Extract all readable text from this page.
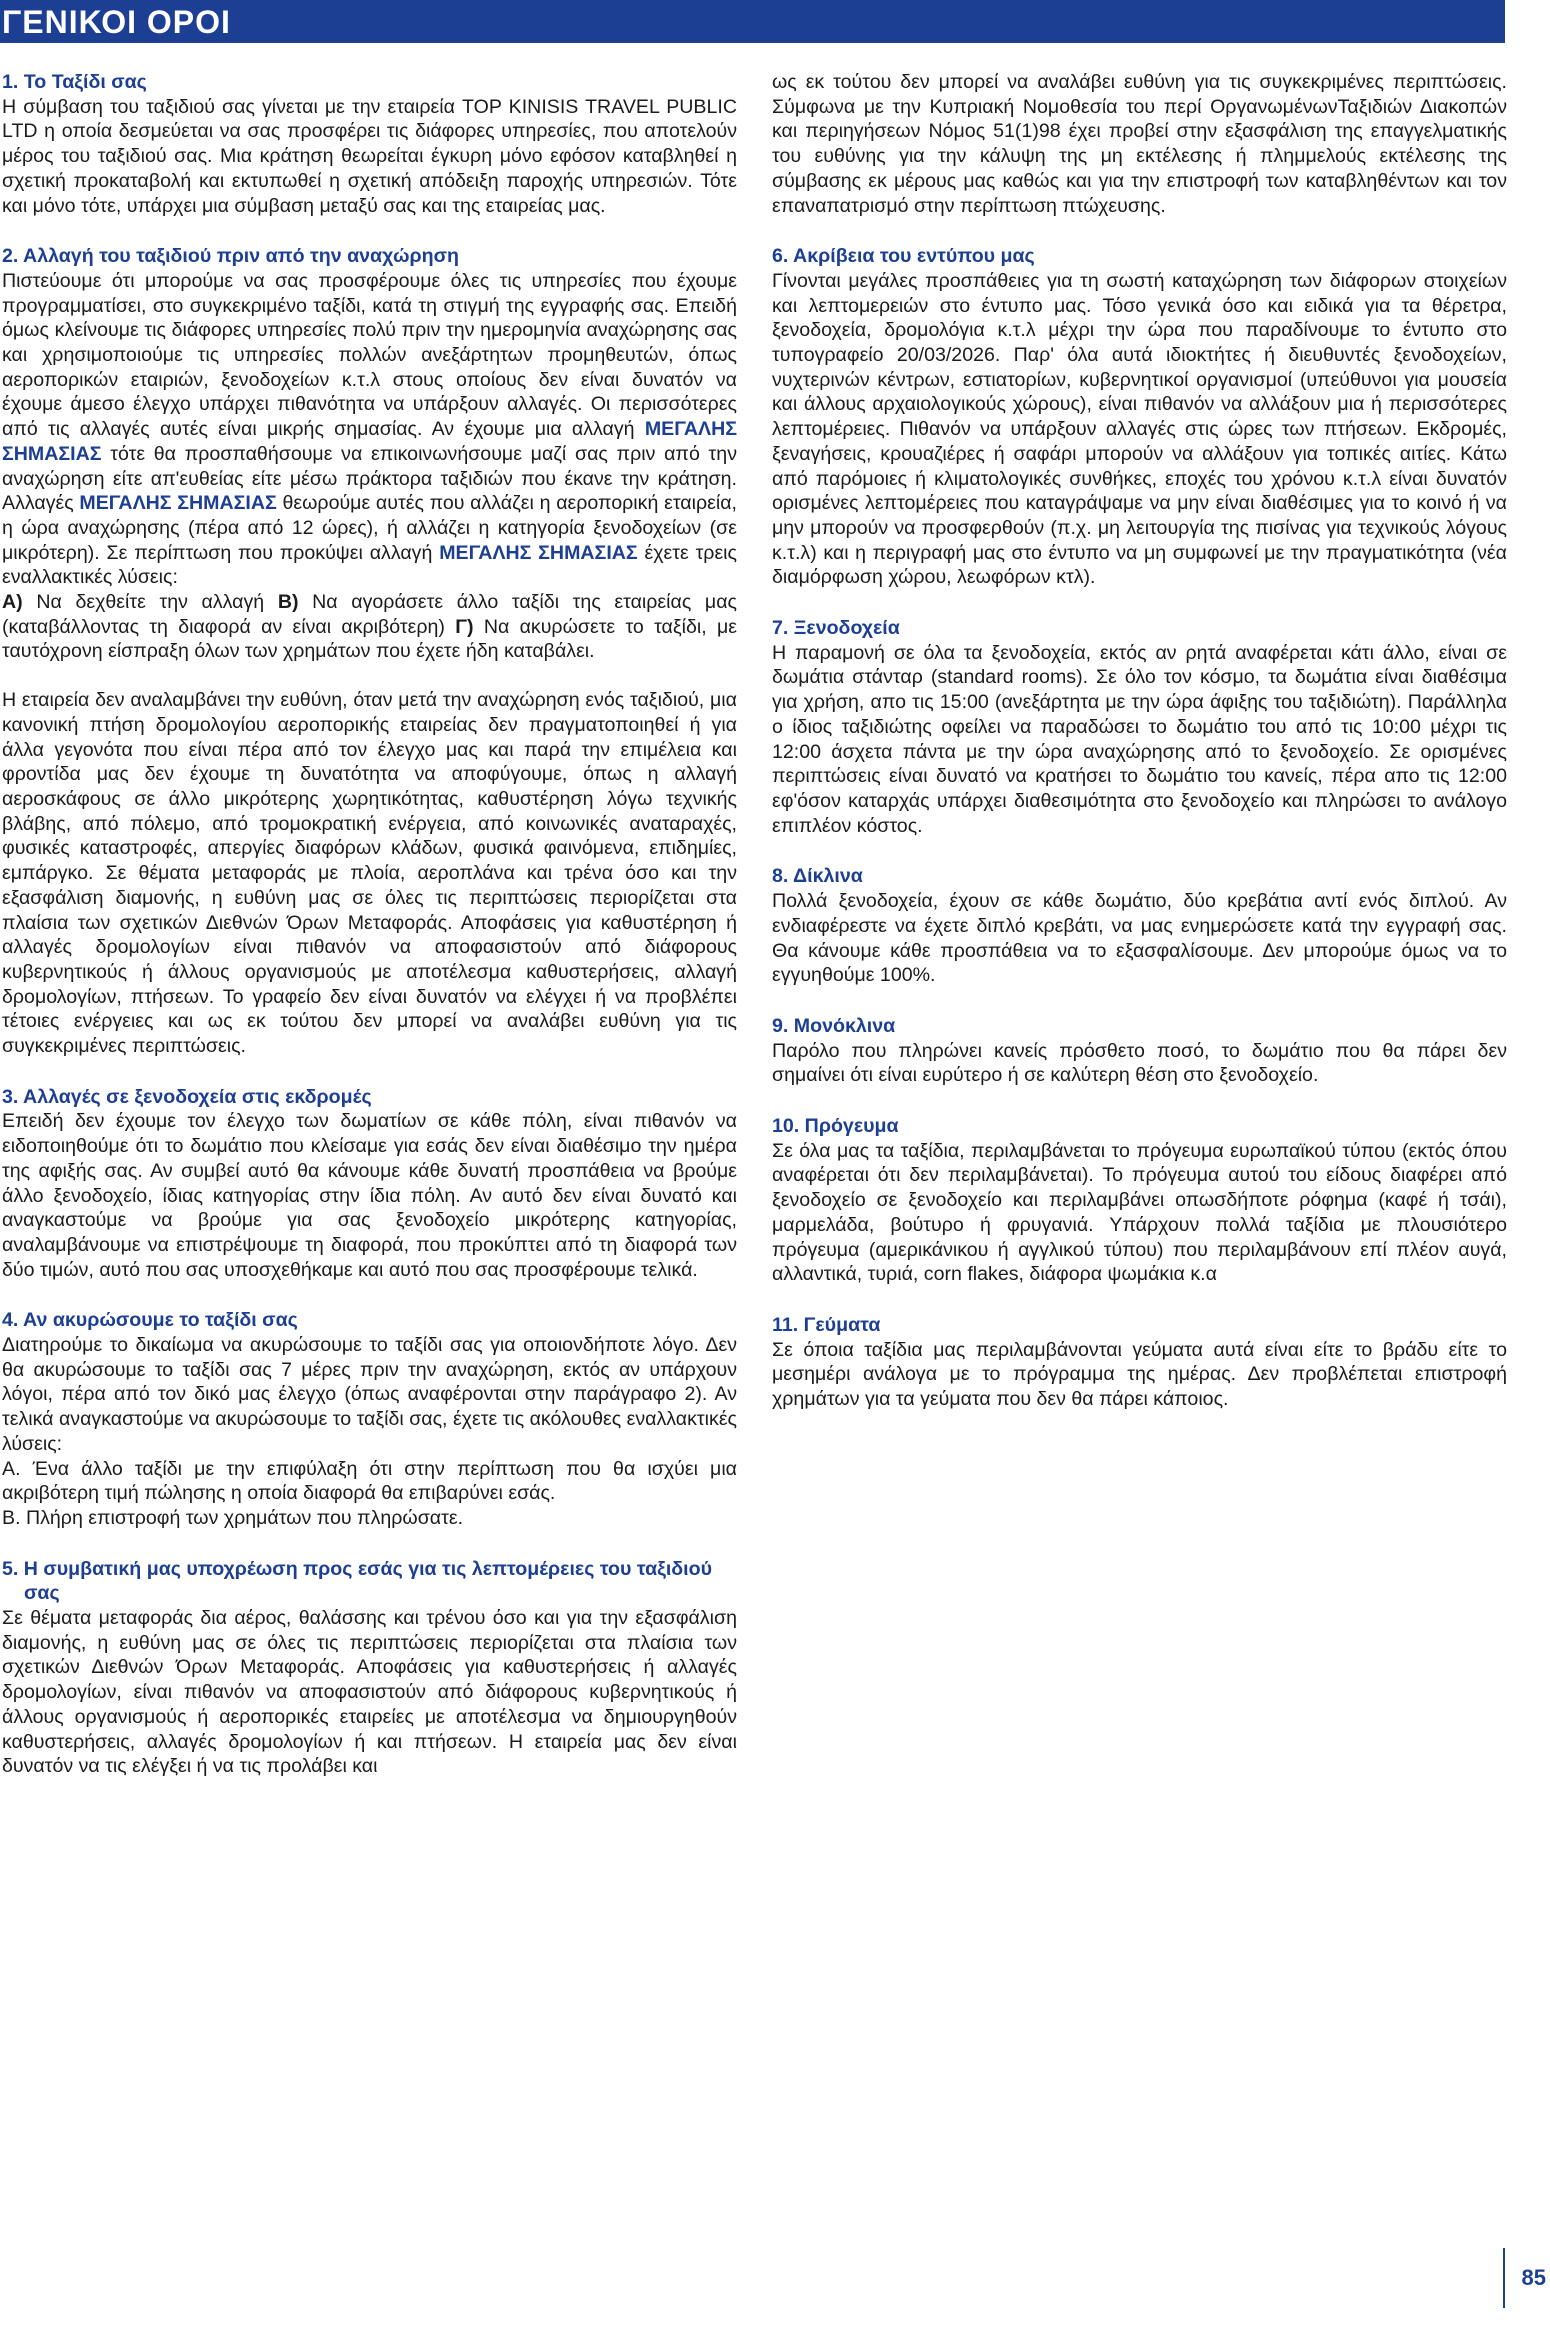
ΓΕΝΙΚΟΙ ΟΡΟΙ
1. Το Ταξίδι σας

Η σύμβαση του ταξιδιού σας γίνεται με την εταιρεία TOP KINISIS TRAVEL PUBLIC LTD η οποία δεσμεύεται να σας προσφέρει τις διάφορες υπηρεσίες, που αποτελούν μέρος του ταξιδιού σας. Μια κράτηση θεωρείται έγκυρη μόνο εφόσον καταβληθεί η σχετική προκαταβολή και εκτυπωθεί η σχετική απόδειξη παροχής υπηρεσιών. Τότε και μόνο τότε, υπάρχει μια σύμβαση μεταξύ σας και της εταιρείας μας.

2. Αλλαγή του ταξιδιού πριν από την αναχώρηση

Πιστεύουμε ότι μπορούμε να σας προσφέρουμε όλες τις υπηρεσίες που έχουμε προγραμματίσει, στο συγκεκριμένο ταξίδι, κατά τη στιγμή της εγγραφής σας. Επειδή όμως κλείνουμε τις διάφορες υπηρεσίες πολύ πριν την ημερομηνία αναχώρησης σας και χρησιμοποιούμε τις υπηρεσίες πολλών ανεξάρτητων προμηθευτών, όπως αεροπορικών εταιριών, ξενοδοχείων κ.τ.λ στους οποίους δεν είναι δυνατόν να έχουμε άμεσο έλεγχο υπάρχει πιθανότητα να υπάρξουν αλλαγές. Οι περισσότερες από τις αλλαγές αυτές είναι μικρής σημασίας. Αν έχουμε μια αλλαγή ΜΕΓΑΛΗΣ ΣΗΜΑΣΙΑΣ τότε θα προσπαθήσουμε να επικοινωνήσουμε μαζί σας πριν από την αναχώρηση είτε απ'ευθείας είτε μέσω πράκτορα ταξιδιών που έκανε την κράτηση. Αλλαγές ΜΕΓΑΛΗΣ ΣΗΜΑΣΙΑΣ θεωρούμε αυτές που αλλάζει η αεροπορική εταιρεία, η ώρα αναχώρησης (πέρα από 12 ώρες), ή αλλάζει η κατηγορία ξενοδοχείων (σε μικρότερη). Σε περίπτωση που προκύψει αλλαγή ΜΕΓΑΛΗΣ ΣΗΜΑΣΙΑΣ έχετε τρεις εναλλακτικές λύσεις:
Α) Να δεχθείτε την αλλαγή Β) Να αγοράσετε άλλο ταξίδι της εταιρείας μας (καταβάλλοντας τη διαφορά αν είναι ακριβότερη) Γ) Να ακυρώσετε το ταξίδι, με ταυτόχρονη είσπραξη όλων των χρημάτων που έχετε ήδη καταβάλει.

Η εταιρεία δεν αναλαμβάνει την ευθύνη, όταν μετά την αναχώρηση ενός ταξιδιού, μια κανονική πτήση δρομολογίου αεροπορικής εταιρείας δεν πραγματοποιηθεί ή για άλλα γεγονότα που είναι πέρα από τον έλεγχο μας και παρά την επιμέλεια και φροντίδα μας δεν έχουμε τη δυνατότητα να αποφύγουμε, όπως η αλλαγή αεροσκάφους σε άλλο μικρότερης χωρητικότητας, καθυστέρηση λόγω τεχνικής βλάβης, από πόλεμο, από τρομοκρατική ενέργεια, από κοινωνικές αναταραχές, φυσικές καταστροφές, απεργίες διαφόρων κλάδων, φυσικά φαινόμενα, επιδημίες, εμπάργκο. Σε θέματα μεταφοράς με πλοία, αεροπλάνα και τρένα όσο και την εξασφάλιση διαμονής, η ευθύνη μας σε όλες τις περιπτώσεις περιορίζεται στα πλαίσια των σχετικών Διεθνών Όρων Μεταφοράς. Αποφάσεις για καθυστέρηση ή αλλαγές δρομολογίων είναι πιθανόν να αποφασιστούν από διάφορους κυβερνητικούς ή άλλους οργανισμούς με αποτέλεσμα καθυστερήσεις, αλλαγή δρομολογίων, πτήσεων. Το γραφείο δεν είναι δυνατόν να ελέγχει ή να προβλέπει τέτοιες ενέργειες και ως εκ τούτου δεν μπορεί να αναλάβει ευθύνη για τις συγκεκριμένες περιπτώσεις.

3. Αλλαγές σε ξενοδοχεία στις εκδρομές

Επειδή δεν έχουμε τον έλεγχο των δωματίων σε κάθε πόλη, είναι πιθανόν να ειδοποιηθούμε ότι το δωμάτιο που κλείσαμε για εσάς δεν είναι διαθέσιμο την ημέρα της αφιξής σας. Αν συμβεί αυτό θα κάνουμε κάθε δυνατή προσπάθεια να βρούμε άλλο ξενοδοχείο, ίδιας κατηγορίας στην ίδια πόλη. Αν αυτό δεν είναι δυνατό και αναγκαστούμε να βρούμε για σας ξενοδοχείο μικρότερης κατηγορίας, αναλαμβάνουμε να επιστρέψουμε τη διαφορά, που προκύπτει από τη διαφορά των δύο τιμών, αυτό που σας υποσχεθήκαμε και αυτό που σας προσφέρουμε τελικά.

4. Αν ακυρώσουμε το ταξίδι σας

Διατηρούμε το δικαίωμα να ακυρώσουμε το ταξίδι σας για οποιονδήποτε λόγο. Δεν θα ακυρώσουμε το ταξίδι σας 7 μέρες πριν την αναχώρηση, εκτός αν υπάρχουν λόγοι, πέρα από τον δικό μας έλεγχο (όπως αναφέρονται στην παράγραφο 2). Αν τελικά αναγκαστούμε να ακυρώσουμε το ταξίδι σας, έχετε τις ακόλουθες εναλλακτικές λύσεις:

Α. Ένα άλλο ταξίδι με την επιφύλαξη ότι στην περίπτωση που θα ισχύει μια ακριβότερη τιμή πώλησης η οποία διαφορά θα επιβαρύνει εσάς.

Β. Πλήρη επιστροφή των χρημάτων που πληρώσατε.

5. Η συμβατική μας υποχρέωση προς εσάς για τις λεπτομέρειες του ταξιδιού σας

Σε θέματα μεταφοράς δια αέρος, θαλάσσης και τρένου όσο και για την εξασφάλιση διαμονής, η ευθύνη μας σε όλες τις περιπτώσεις περιορίζεται στα πλαίσια των σχετικών Διεθνών Όρων Μεταφοράς. Αποφάσεις για καθυστερήσεις ή αλλαγές δρομολογίων, είναι πιθανόν να αποφασιστούν από διάφορους κυβερνητικούς ή άλλους οργανισμούς ή αεροπορικές εταιρείες με αποτέλεσμα να δημιουργηθούν καθυστερήσεις, αλλαγές δρομολογίων ή και πτήσεων. Η εταιρεία μας δεν είναι δυνατόν να τις ελέγξει ή να τις προλάβει και

ως εκ τούτου δεν μπορεί να αναλάβει ευθύνη για τις συγκεκριμένες περιπτώσεις. Σύμφωνα με την Κυπριακή Νομοθεσία του περί ΟργανωμένωνΤαξιδιών Διακοπών και περιηγήσεων Νόμος 51(1)98 έχει προβεί στην εξασφάλιση της επαγγελματικής του ευθύνης για την κάλυψη της μη εκτέλεσης ή πλημμελούς εκτέλεσης της σύμβασης εκ μέρους μας καθώς και για την επιστροφή των καταβληθέντων και τον επαναπατρισμό στην περίπτωση πτώχευσης.

6. Ακρίβεια του εντύπου μας

Γίνονται μεγάλες προσπάθειες για τη σωστή καταχώρηση των διάφορων στοιχείων και λεπτομερειών στο έντυπο μας. Τόσο γενικά όσο και ειδικά για τα θέρετρα, ξενοδοχεία, δρομολόγια κ.τ.λ μέχρι την ώρα που παραδίνουμε το έντυπο στο τυπογραφείο 20/03/2026. Παρ' όλα αυτά ιδιοκτήτες ή διευθυντές ξενοδοχείων, νυχτερινών κέντρων, εστιατορίων, κυβερνητικοί οργανισμοί (υπεύθυνοι για μουσεία και άλλους αρχαιολογικούς χώρους), είναι πιθανόν να αλλάξουν μια ή περισσότερες λεπτομέρειες. Πιθανόν να υπάρξουν αλλαγές στις ώρες των πτήσεων. Εκδρομές, ξεναγήσεις, κρουαζιέρες ή σαφάρι μπορούν να αλλάξουν για τοπικές αιτίες. Κάτω από παρόμοιες ή κλιματολογικές συνθήκες, εποχές του χρόνου κ.τ.λ είναι δυνατόν ορισμένες λεπτομέρειες που καταγράψαμε να μην είναι διαθέσιμες για το κοινό ή να μην μπορούν να προσφερθούν (π.χ. μη λειτουργία της πισίνας για τεχνικούς λόγους κ.τ.λ) και η περιγραφή μας στο έντυπο να μη συμφωνεί με την πραγματικότητα (νέα διαμόρφωση χώρου, λεωφόρων κτλ).

7. Ξενοδοχεία

Η παραμονή σε όλα τα ξενοδοχεία, εκτός αν ρητά αναφέρεται κάτι άλλο, είναι σε δωμάτια στάνταρ (standard rooms). Σε όλο τον κόσμο, τα δωμάτια είναι διαθέσιμα για χρήση, απο τις 15:00 (ανεξάρτητα με την ώρα άφιξης του ταξιδιώτη). Παράλληλα ο ίδιος ταξιδιώτης οφείλει να παραδώσει το δωμάτιο του από τις 10:00 μέχρι τις 12:00 άσχετα πάντα με την ώρα αναχώρησης από το ξενοδοχείο. Σε ορισμένες περιπτώσεις είναι δυνατό να κρατήσει το δωμάτιο του κανείς, πέρα απο τις 12:00 εφ'όσον καταρχάς υπάρχει διαθεσιμότητα στο ξενοδοχείο και πληρώσει το ανάλογο επιπλέον κόστος.

8. Δίκλινα

Πολλά ξενοδοχεία, έχουν σε κάθε δωμάτιο, δύο κρεβάτια αντί ενός διπλού. Αν ενδιαφέρεστε να έχετε διπλό κρεβάτι, να μας ενημερώσετε κατά την εγγραφή σας. Θα κάνουμε κάθε προσπάθεια να το εξασφαλίσουμε. Δεν μπορούμε όμως να το εγγυηθούμε 100%.

9. Μονόκλινα

Παρόλο που πληρώνει κανείς πρόσθετο ποσό, το δωμάτιο που θα πάρει δεν σημαίνει ότι είναι ευρύτερο ή σε καλύτερη θέση στο ξενοδοχείο.

10. Πρόγευμα

Σε όλα μας τα ταξίδια, περιλαμβάνεται το πρόγευμα ευρωπαϊκού τύπου (εκτός όπου αναφέρεται ότι δεν περιλαμβάνεται). Το πρόγευμα αυτού του είδους διαφέρει από ξενοδοχείο σε ξενοδοχείο και περιλαμβάνει οπωσδήποτε ρόφημα (καφέ ή τσάι), μαρμελάδα, βούτυρο ή φρυγανιά. Υπάρχουν πολλά ταξίδια με πλουσιότερο πρόγευμα (αμερικάνικου ή αγγλικού τύπου) που περιλαμβάνουν επί πλέον αυγά, αλλαντικά, τυριά, corn flakes, διάφορα ψωμάκια κ.α

11. Γεύματα

Σε όποια ταξίδια μας περιλαμβάνονται γεύματα αυτά είναι είτε το βράδυ είτε το μεσημέρι ανάλογα με το πρόγραμμα της ημέρας. Δεν προβλέπεται επιστροφή χρημάτων για τα γεύματα που δεν θα πάρει κάποιος.

85
